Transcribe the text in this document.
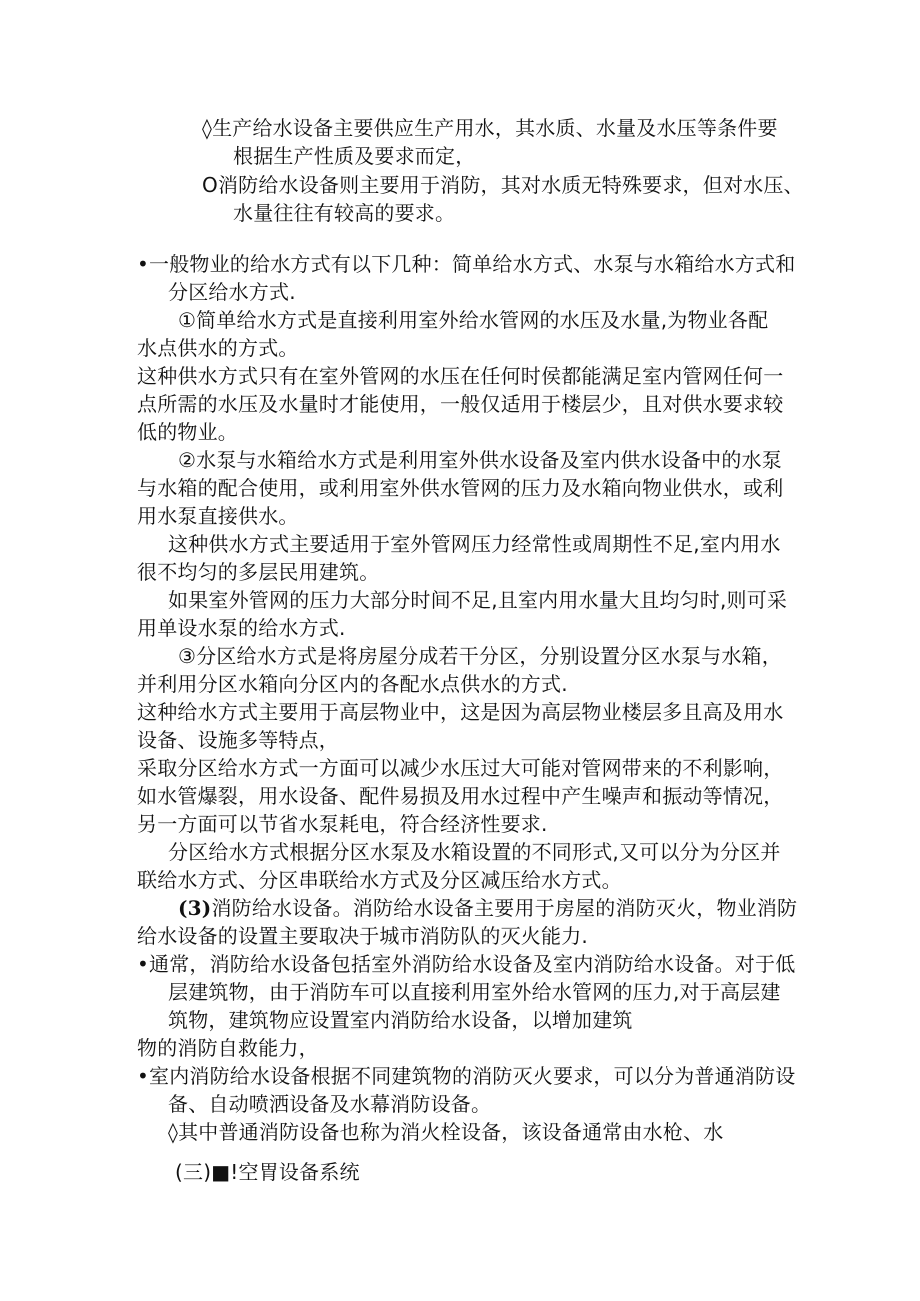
◊生产给水设备主要供应生产用水，其水质、水量及水压等条件要
根据生产性质及要求而定，
O消防给水设备则主要用于消防，其对水质无特殊要求，但对水压、
水量往往有较高的要求。
•一般物业的给水方式有以下几种：简单给水方式、水泵与水箱给水方式和
分区给水方式.
①简单给水方式是直接利用室外给水管网的水压及水量,为物业各配
水点供水的方式。
这种供水方式只有在室外管网的水压在任何时侯都能满足室内管网任何一
点所需的水压及水量时才能使用，一般仅适用于楼层少，且对供水要求较
低的物业。
②水泵与水箱给水方式是利用室外供水设备及室内供水设备中的水泵
与水箱的配合使用，或利用室外供水管网的压力及水箱向物业供水，或利
用水泵直接供水。
这种供水方式主要适用于室外管网压力经常性或周期性不足,室内用水
很不均匀的多层民用建筑。
如果室外管网的压力大部分时间不足,且室内用水量大且均匀时,则可采
用单设水泵的给水方式.
③分区给水方式是将房屋分成若干分区，分别设置分区水泵与水箱，
并利用分区水箱向分区内的各配水点供水的方式.
这种给水方式主要用于高层物业中，这是因为高层物业楼层多且高及用水
设备、设施多等特点，
采取分区给水方式一方面可以减少水压过大可能对管网带来的不利影响，
如水管爆裂，用水设备、配件易损及用水过程中产生噪声和振动等情况，
另一方面可以节省水泵耗电，符合经济性要求.
分区给水方式根据分区水泵及水箱设置的不同形式,又可以分为分区并
联给水方式、分区串联给水方式及分区减压给水方式。
(3)消防给水设备。消防给水设备主要用于房屋的消防灭火，物业消防
给水设备的设置主要取决于城市消防队的灭火能力.
•通常，消防给水设备包括室外消防给水设备及室内消防给水设备。对于低
层建筑物，由于消防车可以直接利用室外给水管网的压力,对于高层建
筑物，建筑物应设置室内消防给水设备，以增加建筑
物的消防自救能力，
•室内消防给水设备根据不同建筑物的消防灭火要求，可以分为普通消防设
备、自动喷洒设备及水幕消防设备。
◊其中普通消防设备也称为消火栓设备，该设备通常由水枪、水
(三)■!空胃设备系统
